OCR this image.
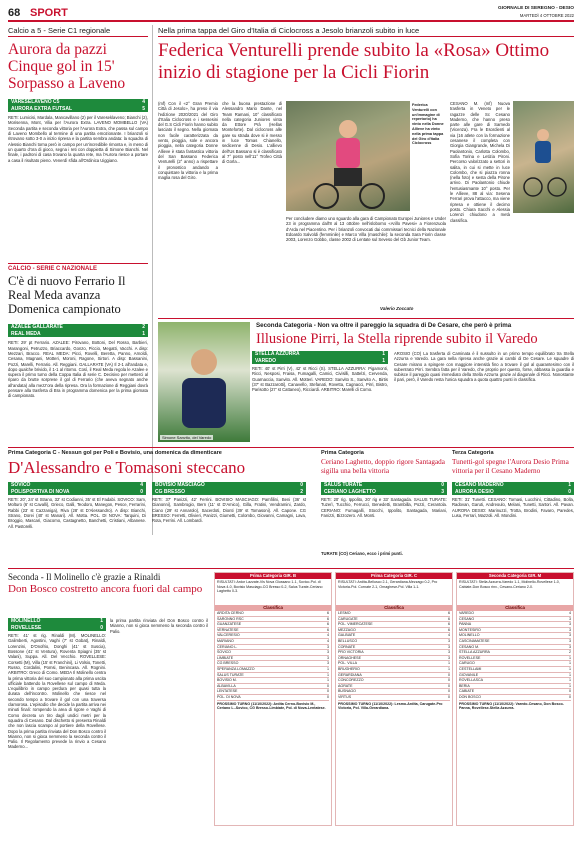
68 SPORT	GIORNALE DI SEREGNO - DESIO
MARTEDÌ 4 OTTOBRE 2022
Calcio a 5 - Serie C1 regionale
Aurora da pazzi Cinque gol in 15' Sorpasso a Laveno
VARESELAVENO C5	4
AURORA EXTRA FUTSAL	5
RETI: Lumicisi, Mardala, Mancavillano (2) per il Vareseklaveno; Bianchi (2), Morisenna, Mont, Vilia per l'Aurora Extra. LAVENO MOMBELLO (VA) Seconda partita e seconda vittoria per l'Aurora Extra, che passa sul campo di Laveno Mombello al termine di una partita emozionante. I brianzoli si ritrovano sotto 3-0 a inizio ripresa e la partita sembra andata: la squadra di Alessio Bianchi torna però in campo per un'incredibile rimonta e, in meno di un quarto d'ora di gioco, segna i reti con doppietta di Simone Bianchi. Nel finale, i padroni di casa trovano la quarta rete, ma l'Aurora riesce a portare a casa il risultato pieno. Venerdì sfida all'Ordinica Uiggiano.
CALCIO - SERIE C NAZIONALE
C'è di nuovo Ferrario Il Real Meda avanza Domenica campionato
AZALEE GALLARATE	2
REAL MEDA	1
RETI: 29' pt Ferrario. AZALEE: Pirovano, Bottoni, Del Rosso, Barbieri, Marangoni, Petruzzo, Briaccardo, Gonzo, Piccio, Megatti, Vacchi. A disp: Mezzari, Bracco. REAL MEDA: Picci, Rovelli, Beretta, Panno, Arnoldi, Cesana, Magnani, Motteri, Moroni, Ragone, Sirtori. A disp: Bassanini, Pozzi, Marelli, Ferrario. All. Reggiani. GALLARATE (VA) Il 2-1 all'andata e, dopo qualche brivido, il 1-1 al ritorno. Così, il Real Meda regola le Azalee e supera il primo turno della Coppa Italia di serie C. Decisivo per metterci al riparo da brutte sorprese il gol di Ferrario (che aveva segnato anche all'andata) alla mezz'ora della ripresa. Ora la formazione di Reggiani dovrà pensare alla trasferta di Bra in programma domenica per la prima giornata di campionato.
Nella prima tappa del Giro d'Italia di Ciclocross a Jesolo brianzoli subito in luce
Federica Venturelli prende subito la «Rosa» Ottimo inizio di stagione per la Cicli Fiorin
(mf) Con il «2° Gran Premio Città di Jesolo», ha preso il via l'edizione 2020/2021 del Giro d'Italia Ciclocross e i sessesini del G.S Cicli Fiorin hanno subito lasciato il segno. Nella giornata non facile caratterizzata da vento, pioggia, sole e ancora pioggia, nella categoria Donne Allieve è stata fantastica vittoria del San Bassano Federica Venturelli (2° anno) a rispettare il pronostico andando a conquistare la vittoria e la prima maglia rosa del Giro.
che la buona prestazione di Alessandro Mario Dante, nel Team Ramani, 10° classificato nella categoria Juniores vinta da Ettore Prà (Hellas Monteforte). Dal ciclocross alle gare su strada dove si è messo in luce Tomas Chianello, sedicenne di Desio. L'allievo dell'Us Bassano si è classificato al 7° posto nell'11° Trofeo Città di Gorla...
Federica Venturelli con un'immagine di repertorio) ha vinto nella Donne Allieve ha vinto nella prima tappa del Giro d'Italia Ciclocross
Per concludere diamo uno sguardo alla gara di Campionato Europei Juniores e Under 23 in programma dall'8 al 13 ottobre nell'isloborno «Arillo Pavesi» a Fiorenzuola d'Arda nel Piacentino. Per i brianzoli convocati dai commissari tecnici della Nazionale Edoardo Salvoldi (femminile) e Marco Villa (maschile): la seconda Sara Fiorin classe 2003, Lorenzo Gobbo, classe 2002 di Lentate sul Seveso del Gb Junior Team.
Valerio Zoccato
CESANO M. (mf) Nuova trasferta in Veneto per le ragazze delle Sc Cesano Maderno, che hanno preso parte alle gare di Sarnedo (Vicenza). Fra le Esordienti al via (16 atlete con la formazione cesanese il completa con Giorgia Giangrande, Michela Di Paolantonio, Carlotta Colombo, Sofia Torina e Letizia Pironi. Percorso valorizzato a settori in salita, in cui si mette in luce Colombo, che si piazza ronna (nella foto) e sesta della Pirone arrivo. Di Paolantonio chiude l'entusiasmante 10° posto. Per le Allieve, 88 al via: Sesena Ferrari prova l'attacco, ma viene ripresa e ottiene il decimo posto. Chiara Sacchi e Alessia Lorenzi chiudono a metà classifica.
Simone Sanvito, del Varedo
Seconda Categoria - Non va oltre il pareggio la squadra di De Cesare, che però è prima
Illusione Pirri, la Stella riprende subito il Varedo
STELLA AZZURRA	1
VAREDO	1
RETI: 40' st Pirri (V), 42' st Ricci (S). STELLA AZZURRA: Pigamonti, Ricci, Nesposi, Fraisa, Fumagalli, Camici, Civisilli, Sattelzi, Cervenda, Guarnaccia, Sanvito. All. Motteri. VAREDO: Sanvito S., Sanvito A., Birtis (37' st Bazzarotti), Canavello, Stefanati, Rovetta, Cagnacci, Pirri, Bistro, Parisotto (27' st Cattaneo), Ricciardi. ARBITRO: Marelli di Como.
AROSIO (CO) La trasferta di Caminata è il sussulto in un primo tempo equilibrato tra Stella Azzurra e Varedo. La gara nella ripresa anche grazie ai cambi di De Cesare. Le squadre di Cesare mirano a spingere con maggiore intensità fino a trovare il gol al quarantesimo con il subentrato Pirri. Sembra fatta per il Varedo, che proprio per questo, forse, abbassa la guardia e subisce il pareggio quasi immediato della Stella Azzurra grazie al diagonale di Ricci. Nonostante il pari, però, il Varedo resta l'unica squadra a quota quattro punti in classifica.
Prima Categoria C - Nessun gol per Poli e Bovisio, una domenica da dimenticare
D'Alessandro e Tomasoni steccano
Prima Categoria
Ceriano Laghetto, doppio rigore Santagada sigilla una bella vittoria
Terza Categoria
Tunetti-gol spegne l'Aurora Desio Prima vittoria per il Cesano Maderno
SOVICO	4
POLISPORTIVA DI NOVA	0
RETI: 20', 24' st Strano, 32' st Codianni, 35' st El Fadabi. SOVICO: Sam, Molturo (6' st Cavalli), Grieco, Galli, Teodoro, Manegon, Pesce, Ferrarini, Rabbi (23' st Cazzaniga), Riva (28' st D'Alessandro). A disp: Bianchi, Strano, Dorei (40' st Manari). All. Motta. POL. DI NOVA: Tarquini, Di Broggio, Mascari, Giacomo, Castagnetto, Banchetti, Cristiani, Albanese. All. Pastorelli.
BOVISIO MASCIAGO	0
CG BRESSO	2
RETI: 37' Panizzi, 42' Ferrini. BOVISIO MASCIAGO: Pamfilini, Beni (36' st Gianonni), Sambrogio, Bern (11' st D'Amico), Gilla, Fratini, Vendramini, Zardo, Ciano (29' st Annarolo), Sacerdoti, Dionti (39' st Tomasoni). All. Capone. CG BRESSO: Ferretti, Olivieri, Panizzi, Giumetti, Colombo, Giovanni, Camagni, Lava, Rota, Ferrini. All. Lombardi.
SALUS TURATE	0
CERIANO LAGHETTO	3
RETI: 20' rig. Ippolito, 20' rig e 33' Santagada. SALUS TURATE: Tuzerì, Tucchio, Ferrucci, Benedetti, Brambilla, Pozzi, Cerantola. CERIANO: Fumagalli, Stocchi, Ippolito, Santagada, Mariani, Fanizzi, Bizzozero. All. Monti.
TURATE (CO) Ceriano, ecco i primi punti.
CESANO MADERNO	1
AURORA DESIO	0
RETI: 31' Tunetti. CESANO: Tornasi, Lucchini, Cittadino, Bolla, Radovan, Garuti, Andreoulo, Melani, Tunetti, Sartori. All. Pavan. AURORA DESIO: Marinuzzi, Trotta, Brodini, Favaro, Paredes, Lusa, Ferrari, Mazzoli. All. Mondini.
Seconda - Il Molinello c'è grazie a Rinaldi
Don Bosco costretto ancora fuori dal campo
MOLINELLO	1
ROVELLESE	0
RETI: 41' st rig. Rinaldi (M). MOLINELLO: Galimberti, Agostini, Vaghi (7' st Gobat), Rinaldi, Lorenzini, D'Onofrio, Donghi (41' st Suscia), Bossone (41' st Ventura), Roventa Spiagni (35' st Valani), Suppa. All. Del Vecchio. ROVELLESE: Corsetti (M), Villa (15' st Franchini), Li Volsio, Tonetti, Russo, Cordalini, Pomsi, Benincasa. All. Rognini. ARBITRO: Greco di Como. MEDA Il Molinello centra la prima vittoria del suo campionato alla prima uscita ufficiale battendo la Rovellese sul campo di Meda. L'equilibrio in campo perdura per quasi tutta la durata dell'incontro. Molinello che riesce nel secondo tempo a trovare il gol con una traversa clamorosa. L'episodio che decide la partita arriva nei minuti finali: rompendo la area di rigore e Vaghi di Como decreta un tiro dagli undici metri per la squadra di Cesano. Dal dischetto si presenta Rinaldi che non lascia scampo al portiere della Rovellese. Dopo la prima partita rinviata del Don Bosco contro il Mianno, non si gioca nemmeno la seconda contro il Palio. Il Regolamento prevede la rinvio a Cesano Maderno...
la prima partita rinviata del Don Bosco contro il Mianno, non si gioca nemmeno la seconda contro il Palio.
Prima Categoria GIR. B
RISULTATI: Ardor Lazzate-Vis Nova Giussano 1-1, Sovico-Pol. di Nova 4-0, Bovisio Masciago-CG Bresso 0-2, Salus Turate-Ceriano Laghetto 0-3.
Classifica
ARDITA CERNO	6
SARONNO RSC	6
GUANZATESE	6
VERNATESE	6
VALCERESIO	4
MARIANO	4
CERIANO L.	3
SOVICO	3
LIMBIATE	3
CG BRESSO	3
SPERANZA LOMAZZO	1
SALUS TURATE	1
BOVISIO M.	1
ALBAVILLA	0
LENTATESE	0
POL. DI NOVA	0
PROSSIMO TURNO (11/10/2022): Ardita Cerno-Bovisio M., Ceriano L.-Sovico, CG Bresso-Limbiate, Pol. di Nova-Lentatese.
Prima Categoria GIR. C
RISULTATI: Ardita-Bellusco 2-1, Gerardiana-Mezzago 0-2, Pro Victoria-Pol. Cornate 2-1, Ornaghese-Pol. Villa 1-1.
Classifica
LESMO	6
CARUGATE	6
POL. VIMERCATESE	6
MEZZAGO	6
GALBIATE	4
BELLUSCO	3
CORNATE	3
PRO VICTORIA	3
ORNAGHESE	3
POL. VILLA	1
BRUGHERIO	1
GERARDIANA	0
CONCOREZZO	0
AGRATE	0
BUSNAGO	0
VIRTUS	0
PROSSIMO TURNO (11/10/2022): Lesmo-Ardita, Carugate-Pro Victoria, Pol. Villa-Gerardiana.
Seconda Categoria GIR. M
RISULTATI: Stella Azzurra-Varedo 1-1, Molinello-Rovellese 1-0, Cabiate-Don Bosco rinv., Cesano-Ceriano 2-0.
Classifica
VAREDO	4
CESANO	3
PANNA	3
MONTESIRO	3
MOLINELLO	3
CASCINAMATESE	3
CESANO M.	3
STELLA AZZURRA	2
ROVELLESE	1
CARUGO	1
CESTELLAMI	1
GIOVANILE	1
ROVELLASCA	1
BERIA	1
CABIATE	0
DON BOSCO	0
PROSSIMO TURNO (11/10/2022): Varedo-Cesano, Don Bosco-Panna, Rovellese-Stella Azzurra.
